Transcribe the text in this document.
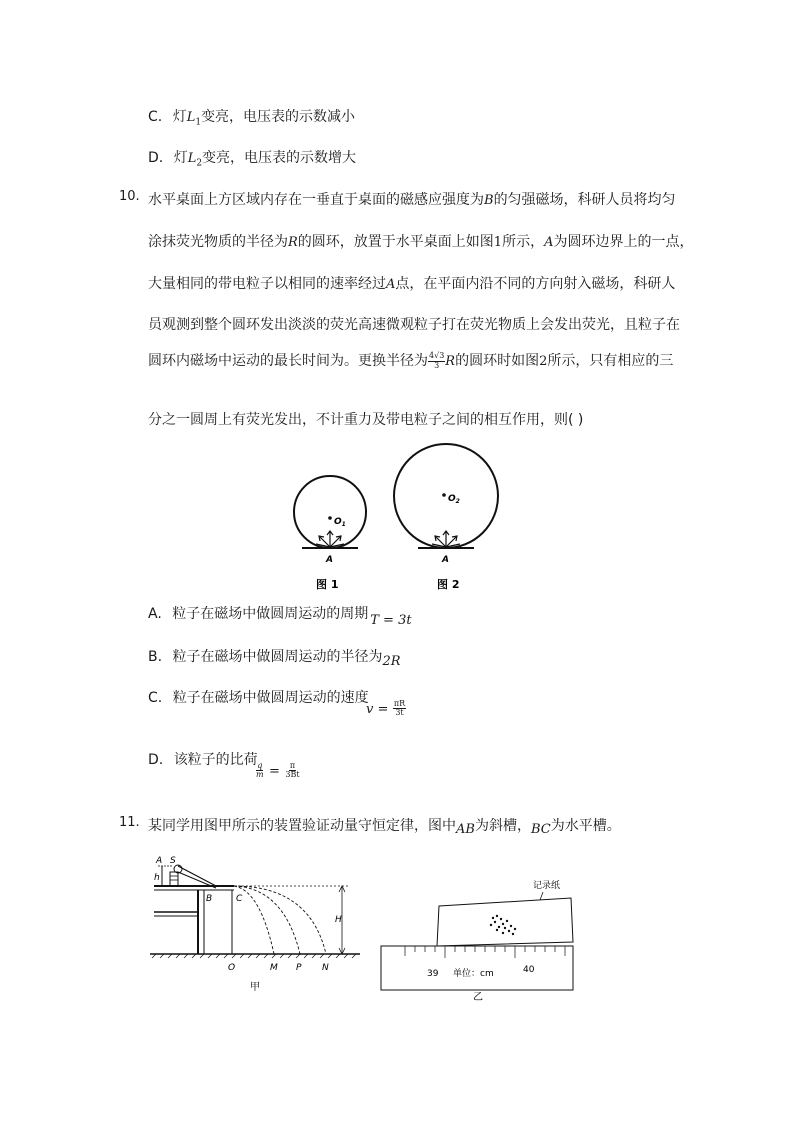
C. 灯$L_1$变亮，电压表的示数减小
D. 灯$L_2$变亮，电压表的示数增大
10. 水平桌面上方区域内存在一垂直于桌面的磁感应强度为B的匀强磁场，科研人员将均匀
涂抹荧光物质的半径为R的圆环，放置于水平桌面上如图1所示，A为圆环边界上的一点，
大量相同的带电粒子以相同的速率经过A点，在平面内沿不同的方向射入磁场，科研人
员观测到整个圆环发出淡淡的荧光高速微观粒子打在荧光物质上会发出荧光，且粒子在
圆环内磁场中运动的最长时间为。更换半径为 $\frac{4√3}{3}$ R的圆环时如图2所示，只有相应的三
分之一圆周上有荧光发出，不计重力及带电粒子之间的相互作用，则( )
$O_1$
A
图 1
$O_2$
A
图 2
A. 粒子在磁场中做圆周运动的周期 T = 3t
B. 粒子在磁场中做圆周运动的半径为2R
C. 粒子在磁场中做圆周运动的速度
$v = \frac{\pi R}{3t}$
D. 该粒子的比荷
$\frac{q}{m} = \frac{\pi}{3Bt}$
11. 某同学用图甲所示的装置验证动量守恒定律，图中AB为斜槽，BC为水平槽。
A S
h
B	C
H
O	M P N
甲
记录纸
39 单位：cm	40
乙
